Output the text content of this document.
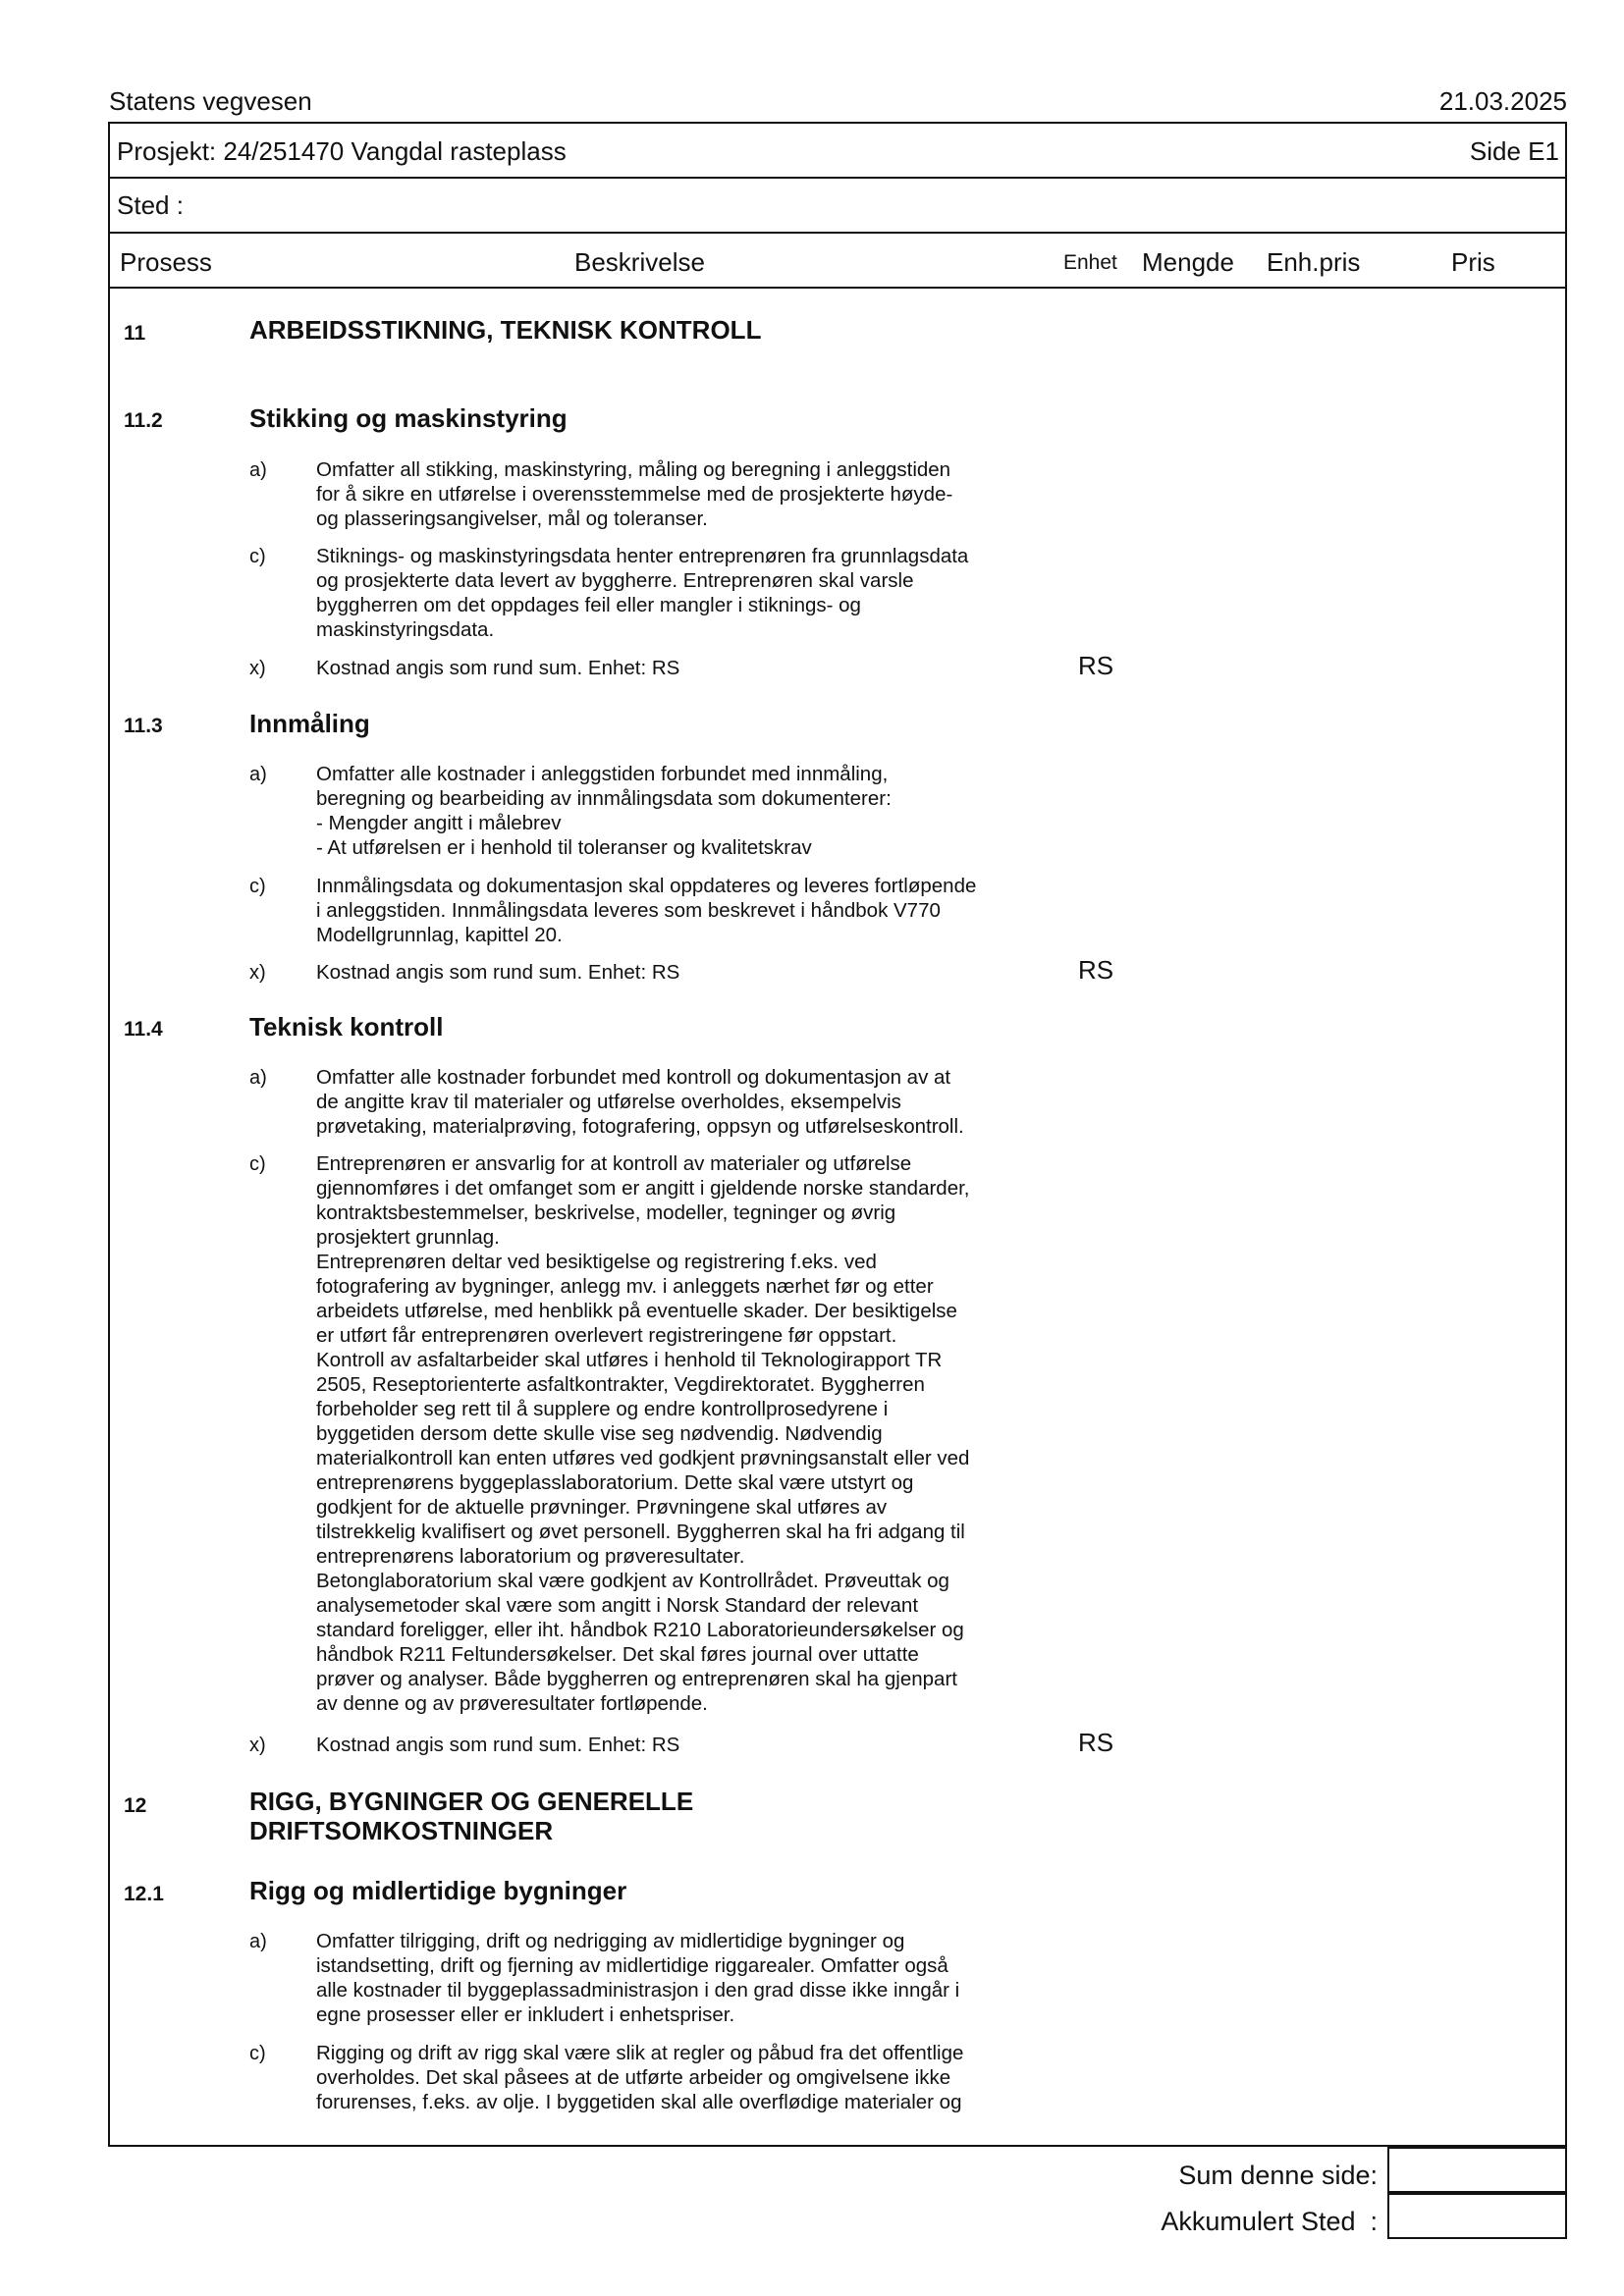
Statens vegvesen	21.03.2025
Prosjekt: 24/251470 Vangdal rasteplass	Side E1
Sted :
Prosess	Beskrivelse	Enhet Mengde Enh.pris	Pris
11	ARBEIDSSTIKNING, TEKNISK KONTROLL
11.2	Stikking og maskinstyring
a) Omfatter all stikking, maskinstyring, måling og beregning i anleggstiden
for å sikre en utførelse i overensstemmelse med de prosjekterte høyde-
og plasseringsangivelser, mål og toleranser.
c)	Stiknings- og maskinstyringsdata henter entreprenøren fra grunnlagsdata
og prosjekterte data levert av byggherre. Entreprenøren skal varsle
byggherren om det oppdages feil eller mangler i stiknings- og
maskinstyringsdata.
x)	Kostnad angis som rund sum. Enhet: RS	RS
11.3	Innmåling
a) Omfatter alle kostnader i anleggstiden forbundet med innmåling,
beregning og bearbeiding av innmålingsdata som dokumenterer:
- Mengder angitt i målebrev
- At utførelsen er i henhold til toleranser og kvalitetskrav
c)	Innmålingsdata og dokumentasjon skal oppdateres og leveres fortløpende
i anleggstiden. Innmålingsdata leveres som beskrevet i håndbok V770
Modellgrunnlag, kapittel 20.
x)	Kostnad angis som rund sum. Enhet: RS	RS
11.4	Teknisk kontroll
a) Omfatter alle kostnader forbundet med kontroll og dokumentasjon av at
de angitte krav til materialer og utførelse overholdes, eksempelvis
prøvetaking, materialprøving, fotografering, oppsyn og utførelseskontroll.
c)	Entreprenøren er ansvarlig for at kontroll av materialer og utførelse
gjennomføres i det omfanget som er angitt i gjeldende norske standarder,
kontraktsbestemmelser, beskrivelse, modeller, tegninger og øvrig
prosjektert grunnlag.
Entreprenøren deltar ved besiktigelse og registrering f.eks. ved
fotografering av bygninger, anlegg mv. i anleggets nærhet før og etter
arbeidets utførelse, med henblikk på eventuelle skader. Der besiktigelse
er utført får entreprenøren overlevert registreringene før oppstart.
Kontroll av asfaltarbeider skal utføres i henhold til Teknologirapport TR
2505, Reseptorienterte asfaltkontrakter, Vegdirektoratet. Byggherren
forbeholder seg rett til å supplere og endre kontrollprosedyrene i
byggetiden dersom dette skulle vise seg nødvendig. Nødvendig
materialkontroll kan enten utføres ved godkjent prøvningsanstalt eller ved
entreprenørens byggeplasslaboratorium. Dette skal være utstyrt og
godkjent for de aktuelle prøvninger. Prøvningene skal utføres av
tilstrekkelig kvalifisert og øvet personell. Byggherren skal ha fri adgang til
entreprenørens laboratorium og prøveresultater.
Betonglaboratorium skal være godkjent av Kontrollrådet. Prøveuttak og
analysemetoder skal være som angitt i Norsk Standard der relevant
standard foreligger, eller iht. håndbok R210 Laboratorieundersøkelser og
håndbok R211 Feltundersøkelser. Det skal føres journal over uttatte
prøver og analyser. Både byggherren og entreprenøren skal ha gjenpart
av denne og av prøveresultater fortløpende.
x)	Kostnad angis som rund sum. Enhet: RS	RS
12	RIGG, BYGNINGER OG GENERELLE
DRIFTSOMKOSTNINGER
12.1	Rigg og midlertidige bygninger
a) Omfatter tilrigging, drift og nedrigging av midlertidige bygninger og
istandsetting, drift og fjerning av midlertidige riggarealer. Omfatter også
alle kostnader til byggeplassadministrasjon i den grad disse ikke inngår i
egne prosesser eller er inkludert i enhetspriser.
c)	Rigging og drift av rigg skal være slik at regler og påbud fra det offentlige
overholdes. Det skal påsees at de utførte arbeider og omgivelsene ikke
forurenses, f.eks. av olje. I byggetiden skal alle overflødige materialer og
Sum denne side:
Akkumulert Sted  :
